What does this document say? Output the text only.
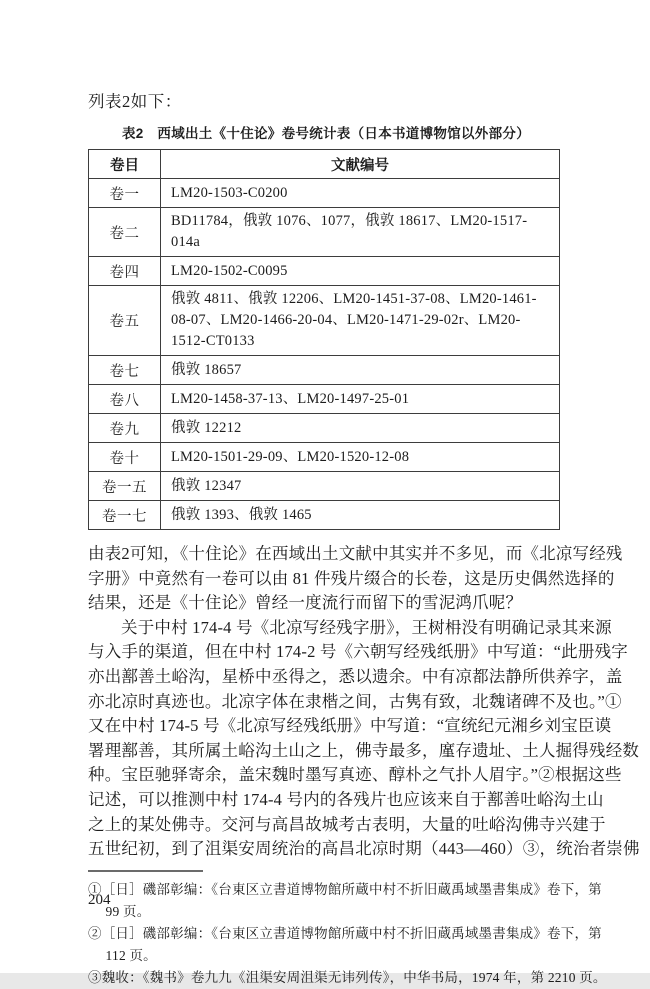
列表2如下：

表2　西域出土《十住论》卷号统计表（日本书道博物馆以外部分）

卷目	文献编号
卷一	LM20-1503-C0200
卷二	BD11784，俄敦 1076、1077，俄敦 18617、LM20-1517-014a
卷四	LM20-1502-C0095
卷五	俄敦 4811、俄敦 12206、LM20-1451-37-08、LM20-1461-08-07、LM20-1466-20-04、LM20-1471-29-02r、LM20-1512-CT0133
卷七	俄敦 18657
卷八	LM20-1458-37-13、LM20-1497-25-01
卷九	俄敦 12212
卷十	LM20-1501-29-09、LM20-1520-12-08
卷一五	俄敦 12347
卷一七	俄敦 1393、俄敦 1465

由表2可知，《十住论》在西域出土文献中其实并不多见，而《北凉写经残

字册》中竟然有一卷可以由 81 件残片缀合的长卷，这是历史偶然选择的

结果，还是《十住论》曾经一度流行而留下的雪泥鸿爪呢？

关于中村 174-4 号《北凉写经残字册》，王树枏没有明确记录其来源

与入手的渠道，但在中村 174-2 号《六朝写经残纸册》中写道：“此册残字

亦出鄯善土峪沟，星桥中丞得之，悉以遗余。中有凉都法静所供养字，盖

亦北凉时真迹也。北凉字体在隶楷之间，古隽有致，北魏诸碑不及也。”①

又在中村 174-5 号《北凉写经残纸册》中写道：“宣统纪元湘乡刘宝臣谟

署理鄯善，其所属土峪沟土山之上，佛寺最多，廑存遗址、土人掘得残经数

种。宝臣驰驿寄余，盖宋魏时墨写真迹、醇朴之气扑人眉宇。”②根据这些

记述，可以推测中村 174-4 号内的各残片也应该来自于鄯善吐峪沟土山

之上的某处佛寺。交河与高昌故城考古表明，大量的吐峪沟佛寺兴建于

五世纪初，到了沮渠安周统治的高昌北凉时期（443—460）③，统治者崇佛

①［日］磯部彰编：《台東区立書道博物館所蔵中村不折旧蔵禹域墨書集成》卷下，第

99 页。

②［日］磯部彰编：《台東区立書道博物館所蔵中村不折旧蔵禹域墨書集成》卷下，第

112 页。

③魏收：《魏书》卷九九《沮渠安周沮渠无讳列传》，中华书局，1974 年，第 2210 页。

204
